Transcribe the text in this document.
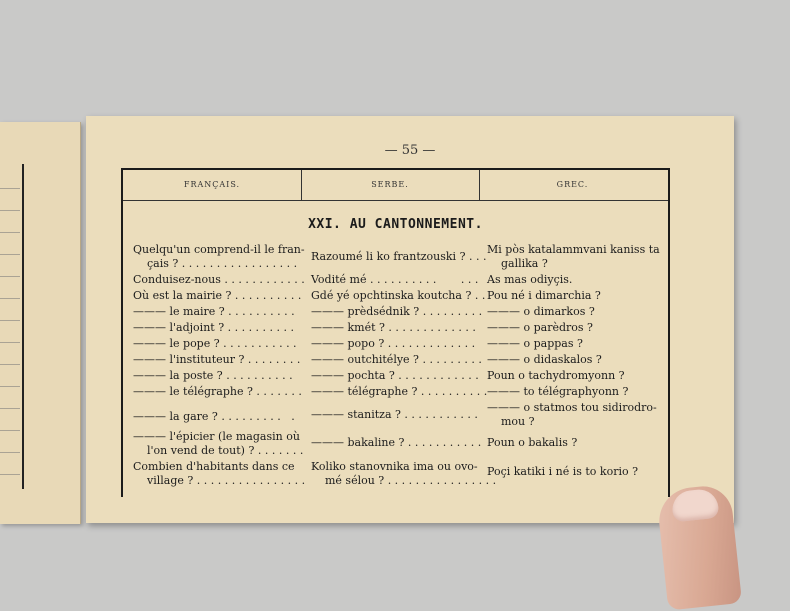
— 55 —
FRANÇAIS.	SERBE.	GREC.
XXI. AU CANTONNEMENT.
Quelqu'un comprend-il le fran-
çais ? . . . . . . . . . . . . . . . . .
Razoumé li ko frantzouski ? . . .
Mi pòs katalammvani kaniss ta
gallika ?
Conduisez-nous . . . . . . . . . . . . Vodité mé . . . . . . . . . .       . . . As mas odiyçis.
Où est la mairie ? . . . . . . . . . . Gdé yé opchtinska koutcha ? . . Pou né i dimarchia ?
——— le maire ? . . . . . . . . . . ——— prèdsédnik ? . . . . . . . . . ——— o dimarkos ?
——— l'adjoint ? . . . . . . . . . . ——— kmét ? . . . . . . . . . . . . . ——— o parèdros ?
——— le pope ? . . . . . . . . . . . ——— popo ? . . . . . . . . . . . . . ——— o pappas ?
——— l'instituteur ? . . . . . . . . ——— outchitélye ? . . . . . . . . . ——— o didaskalos ?
——— la poste ? . . . . . . . . . . ——— pochta ? . . . . . . . . . . . . Poun o tachydromyonn ?
——— le télégraphe ? . . . . . . . ——— télégraphe ? . . . . . . . . . . ——— to télégraphyonn ?
——— la gare ? . . . . . . . . .   . ——— stanitza ? . . . . . . . . . . .
——— o statmos tou sidirodro-
mou ?
——— l'épicier (le magasin où
l'on vend de tout) ? . . . . . . .
——— bakaline ? . . . . . . . . . . . Poun o bakalis ?
Combien d'habitants dans ce
village ? . . . . . . . . . . . . . . . .
Koliko stanovnika ima ou ovo-
mé sélou ? . . . . . . . . . . . . . . . .
Poçi katiki i né is to korio ?
